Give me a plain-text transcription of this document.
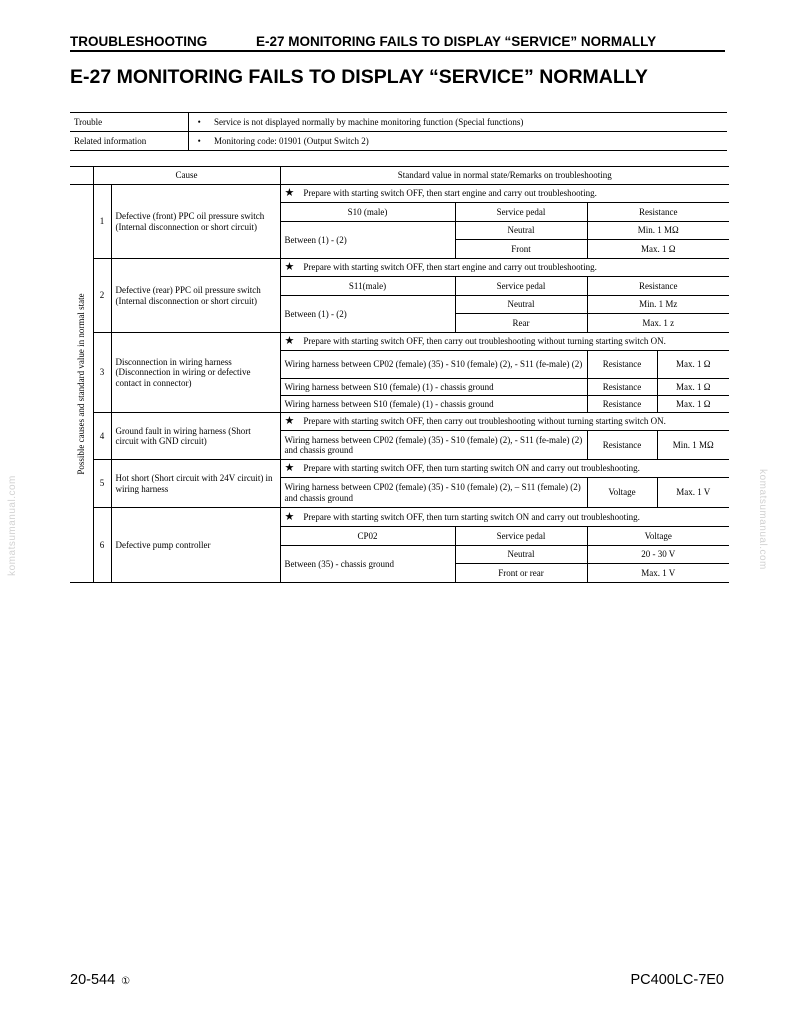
TROUBLESHOOTING	E-27 MONITORING FAILS TO DISPLAY “SERVICE” NORMALLY
E-27 MONITORING FAILS TO DISPLAY “SERVICE” NORMALLY
Trouble	•	Service is not displayed normally by machine monitoring function (Special functions)
Related information	•	Monitoring code: 01901 (Output Switch 2)
	Cause		Standard value in normal state/Remarks on troubleshooting			

Possible causes and standard value in normal state	1	Defective (front) PPC oil pressure switch (Internal disconnection or short circuit)	★ Prepare with starting switch OFF, then start engine and carry out troubleshooting.			
			S10 (male)	Service pedal	Resistance	
			Between (1) - (2)	Neutral	Min. 1 MΩ	
				Front	Max. 1 Ω	
	2	Defective (rear) PPC oil pressure switch (Internal disconnection or short circuit)	★ Prepare with starting switch OFF, then start engine and carry out troubleshooting.			
			S11(male)	Service pedal	Resistance	
			Between (1) - (2)	Neutral	Min. 1 Mz	
				Rear	Max. 1 z	
	3	Disconnection in wiring harness (Disconnection in wiring or defective contact in connector)	★ Prepare with starting switch OFF, then carry out troubleshooting without turning starting switch ON.			
			Wiring harness between CP02 (female) (35) - S10 (female) (2), - S11 (fe-male) (2)		Resistance	Max. 1 Ω
			Wiring harness between S10 (female) (1) - chassis ground		Resistance	Max. 1 Ω
			Wiring harness between S10 (female) (1) - chassis ground		Resistance	Max. 1 Ω
	4	Ground fault in wiring harness (Short circuit with GND circuit)	★ Prepare with starting switch OFF, then carry out troubleshooting without turning starting switch ON.			
			Wiring harness between CP02 (female) (35) - S10 (female) (2), - S11 (fe-male) (2) and chassis ground		Resistance	Min. 1 MΩ
	5	Hot short (Short circuit with 24V circuit) in wiring harness	★ Prepare with starting switch OFF, then turn starting switch ON and carry out troubleshooting.			
			Wiring harness between CP02 (female) (35) - S10 (female) (2), – S11 (female) (2) and chassis ground		Voltage	Max. 1 V
	6	Defective pump controller	★ Prepare with starting switch OFF, then turn starting switch ON and carry out troubleshooting.			
			CP02	Service pedal	Voltage	
			Between (35) - chassis ground	Neutral	20 - 30 V	
				Front or rear	Max. 1 V	
komatsumanual.com	komatsumanual.com
20-544 ①	PC400LC-7E0
